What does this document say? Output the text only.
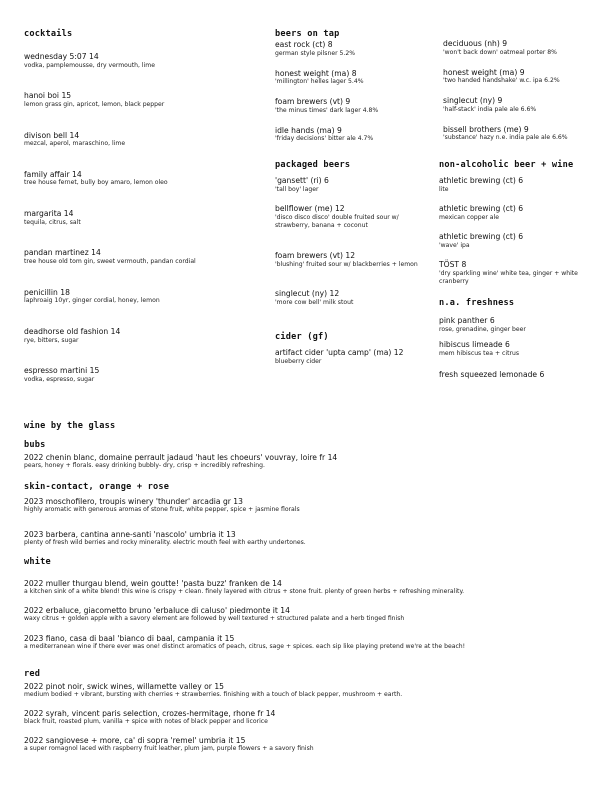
cocktails

wednesday 5:07 14

vodka, pamplemousse, dry vermouth, lime

hanoi boi 15

lemon grass gin, apricot, lemon, black pepper

divison bell 14

mezcal, aperol, maraschino, lime

family affair 14

tree house fernet, bully boy amaro, lemon oleo

margarita 14

tequila, citrus, salt

pandan martinez 14

tree house old tom gin, sweet vermouth, pandan cordial

penicillin 18

laphroaig 10yr, ginger cordial, honey, lemon

deadhorse old fashion 14

rye, bitters, sugar

espresso martini 15

vodka, espresso, sugar

beers on tap

east rock (ct) 8

german style pilsner 5.2%

honest weight (ma) 8

'millington' helles lager 5.4%

foam brewers (vt) 9

'the minus times' dark lager 4.8%

idle hands (ma) 9

'friday decisions' bitter ale 4.7%

deciduous (nh) 9

'won't back down' oatmeal porter 8%

honest weight (ma) 9

'two handed handshake' w.c. ipa 6.2%

singlecut (ny) 9

'half-stack' india pale ale 6.6%

bissell brothers (me) 9

'substance' hazy n.e. india pale ale 6.6%

packaged beers

'gansett' (ri) 6

'tall boy' lager

bellflower (me) 12

'disco disco disco' double fruited sour w/ strawberry, banana + coconut

foam brewers (vt) 12

'blushing' fruited sour w/ blackberries + lemon

singlecut (ny) 12

'more cow bell' milk stout

cider (gf)

artifact cider 'upta camp' (ma) 12

blueberry cider

non-alcoholic beer + wine

athletic brewing (ct) 6

lite

athletic brewing (ct) 6

mexican copper ale

athletic brewing (ct) 6

'wave' ipa

TÖST 8

'dry sparkling wine' white tea, ginger + white cranberry

n.a. freshness

pink panther 6

rose, grenadine, ginger beer

hibiscus limeade 6

mem hibiscus tea + citrus

fresh squeezed lemonade 6

wine by the glass

bubs

2022 chenin blanc, domaine perrault jadaud 'haut les choeurs' vouvray, loire fr 14

pears, honey + florals. easy drinking bubbly- dry, crisp + incredibly refreshing.

skin-contact, orange + rose

2023 moschofilero, troupis winery 'thunder' arcadia gr 13

highly aromatic with generous aromas of stone fruit, white pepper, spice + jasmine florals

2023 barbera, cantina anne-santi 'nascolo' umbria it 13

plenty of fresh wild berries and rocky minerality. electric mouth feel with earthy undertones.

white

2022 muller thurgau blend, wein goutte! 'pasta buzz' franken de 14

a kitchen sink of a white blend! this wine is crispy + clean. finely layered with citrus + stone fruit. plenty of green herbs + refreshing minerality.

2022 erbaluce, giacometto bruno 'erbaluce di caluso' piedmonte it 14

waxy citrus + golden apple with a savory element are followed by well textured + structured palate and a herb tinged finish

2023 fiano, casa di baal 'bianco di baal, campania it 15

a mediterranean wine if there ever was one! distinct aromatics of peach, citrus, sage + spices. each sip like playing pretend we're at the beach!

red

2022 pinot noir, swick wines, willamette valley or 15

medium bodied + vibrant, bursting with cherries + strawberries. finishing with a touch of black pepper, mushroom + earth.

2022 syrah, vincent paris selection, crozes-hermitage, rhone fr 14

black fruit, roasted plum, vanilla + spice with notes of black pepper and licorice

2022 sangiovese + more, ca' di sopra 'remel' umbria it 15

a super romagnol laced with raspberry fruit leather, plum jam, purple flowers + a savory finish
